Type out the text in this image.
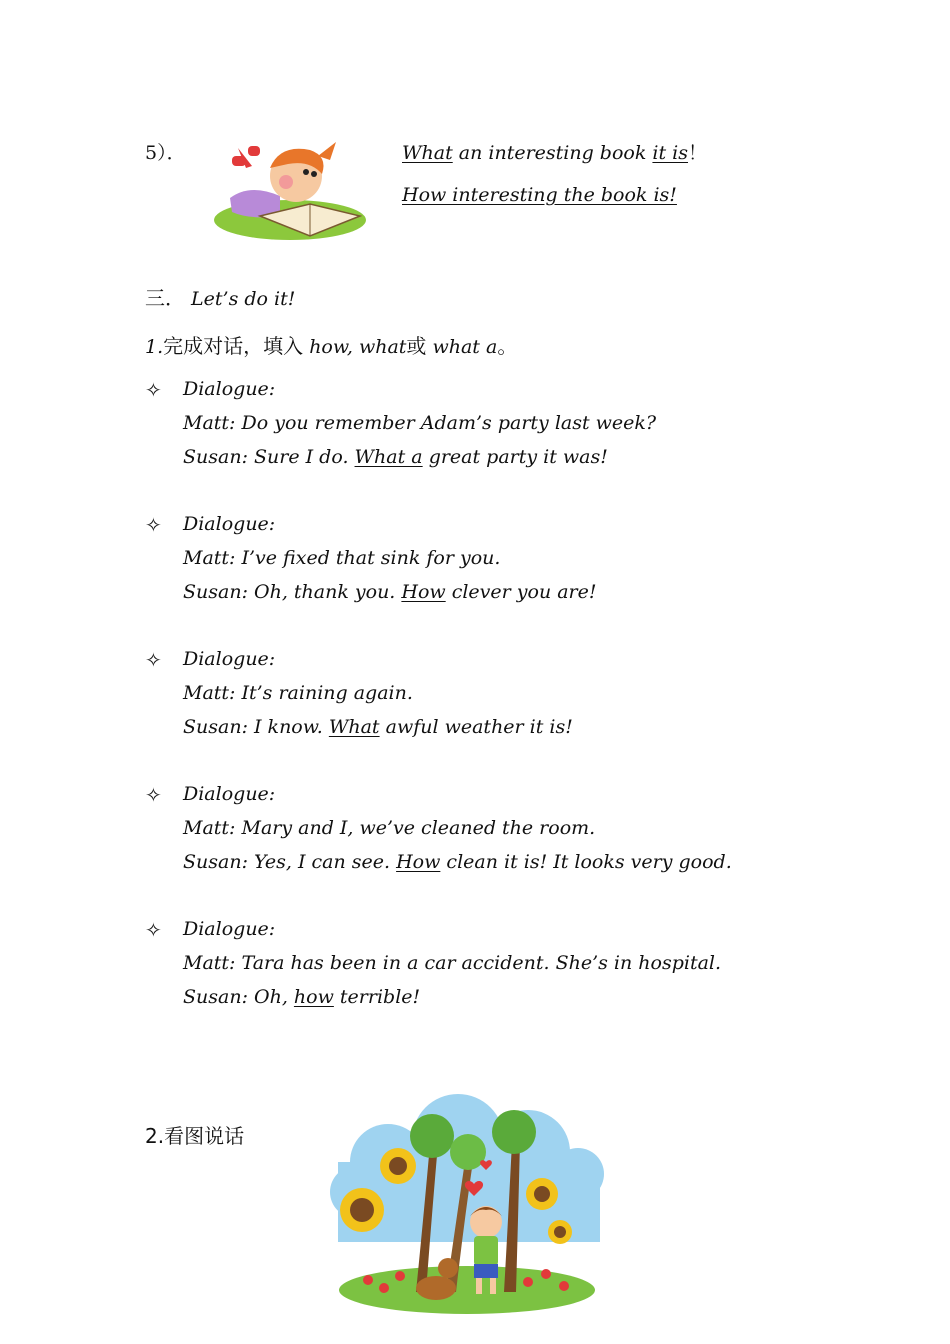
5）．	What an interesting book it is！
How interesting the book is!
三． Let’s do it!
1.完成对话，填入 how, what或 what a。
✧ Dialogue:
Matt: Do you remember Adam’s party last week?
Susan: Sure I do. What a great party it was!
✧ Dialogue:
Matt: I’ve fixed that sink for you.
Susan: Oh, thank you. How clever you are!
✧ Dialogue:
Matt: It’s raining again.
Susan: I know. What awful weather it is!
✧ Dialogue:
Matt: Mary and I, we’ve cleaned the room.
Susan: Yes, I can see. How clean it is! It looks very good.
✧ Dialogue:
Matt: Tara has been in a car accident. She’s in hospital.
Susan: Oh, how terrible!
2.看图说话
